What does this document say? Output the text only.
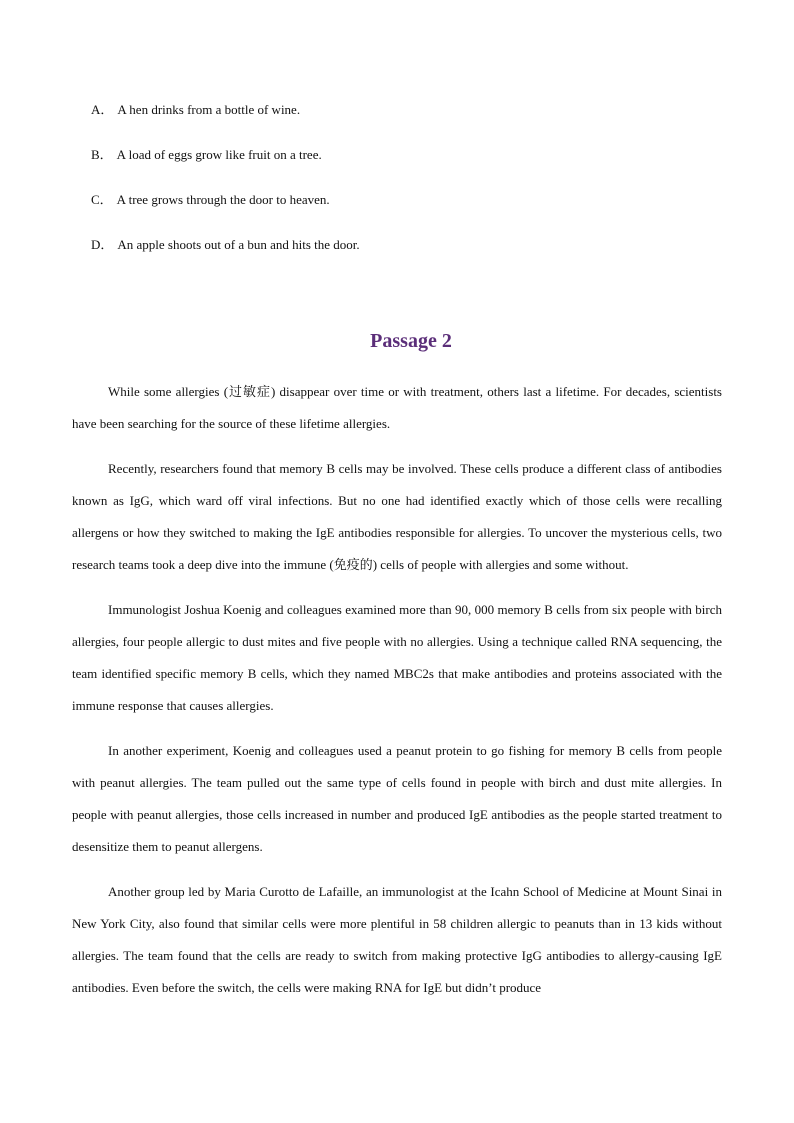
A． A hen drinks from a bottle of wine.
B． A load of eggs grow like fruit on a tree.
C． A tree grows through the door to heaven.
D． An apple shoots out of a bun and hits the door.
Passage 2

While some allergies (过敏症) disappear over time or with treatment, others last a lifetime. For decades, scientists have been searching for the source of these lifetime allergies.

Recently, researchers found that memory B cells may be involved. These cells produce a different class of antibodies known as IgG, which ward off viral infections. But no one had identified exactly which of those cells were recalling allergens or how they switched to making the IgE antibodies responsible for allergies. To uncover the mysterious cells, two research teams took a deep dive into the immune (免疫的) cells of people with allergies and some without.

Immunologist Joshua Koenig and colleagues examined more than 90, 000 memory B cells from six people with birch allergies, four people allergic to dust mites and five people with no allergies. Using a technique called RNA sequencing, the team identified specific memory B cells, which they named MBC2s that make antibodies and proteins associated with the immune response that causes allergies.

In another experiment, Koenig and colleagues used a peanut protein to go fishing for memory B cells from people with peanut allergies. The team pulled out the same type of cells found in people with birch and dust mite allergies. In people with peanut allergies, those cells increased in number and produced IgE antibodies as the people started treatment to desensitize them to peanut allergens.

Another group led by Maria Curotto de Lafaille, an immunologist at the Icahn School of Medicine at Mount Sinai in New York City, also found that similar cells were more plentiful in 58 children allergic to peanuts than in 13 kids without allergies. The team found that the cells are ready to switch from making protective IgG antibodies to allergy-causing IgE antibodies. Even before the switch, the cells were making RNA for IgE but didn’t produce
